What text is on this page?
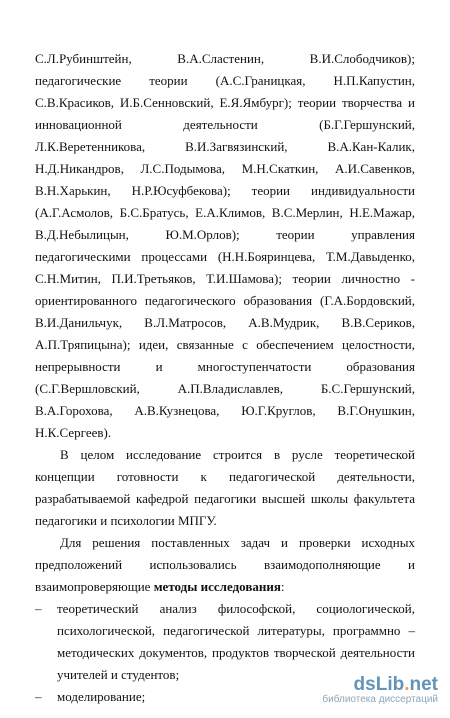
С.Л.Рубинштейн, В.А.Сластенин, В.И.Слободчиков);
педагогические теории (А.С.Границкая, Н.П.Капустин,
С.В.Красиков, И.Б.Сенновский, Е.Я.Ямбург); теории творчества и
инновационной деятельности (Б.Г.Гершунский,
Л.К.Веретенникова, В.И.Загвязинский, В.А.Кан-Калик,
Н.Д.Никандров, Л.С.Подымова, М.Н.Скаткин, А.И.Савенков,
В.Н.Харькин, Н.Р.Юсуфбекова); теории индивидуальности
(А.Г.Асмолов, Б.С.Братусь, Е.А.Климов, В.С.Мерлин, Н.Е.Мажар,
В.Д.Небылицын, Ю.М.Орлов); теории управления
педагогическими процессами (Н.Н.Бояринцева, Т.М.Давыденко,
С.Н.Митин, П.И.Третьяков, Т.И.Шамова); теории личностно -
ориентированного педагогического образования (Г.А.Бордовский,
В.И.Данильчук, В.Л.Матросов, А.В.Мудрик, В.В.Сериков,
А.П.Тряпицына); идеи, связанные с обеспечением целостности,
непрерывности и многоступенчатости образования
(С.Г.Вершловский, А.П.Владиславлев, Б.С.Гершунский,
В.А.Горохова, А.В.Кузнецова, Ю.Г.Круглов, В.Г.Онушкин,
Н.К.Сергеев).
В целом исследование строится в русле теоретической
концепции готовности к педагогической деятельности,
разрабатываемой кафедрой педагогики высшей школы факультета
педагогики и психологии МПГУ.
Для решения поставленных задач и проверки исходных
предположений использовались взаимодополняющие и
взаимопроверяющие методы исследования:
–	теоретический анализ философской, социологической,
психологической, педагогической литературы, программно –
методических документов, продуктов творческой деятельности
учителей и студентов;
–	моделирование;
dsLib.net
библиотека диссертаций
